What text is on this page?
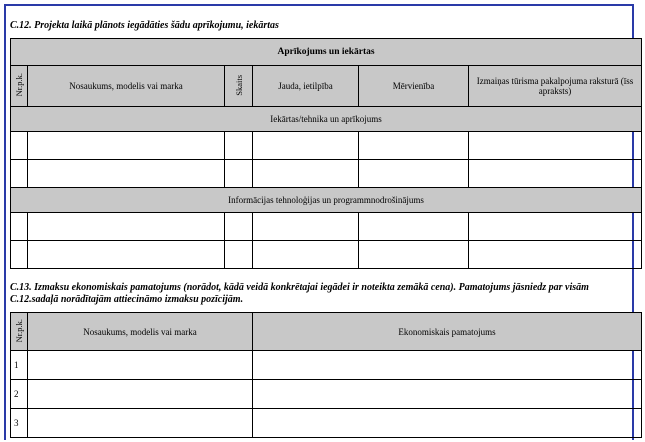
C.12. Projekta laikā plānots iegādāties šādu aprīkojumu, iekārtas
Aprīkojums un iekārtas					
Nr.p.k.	Nosaukums, modelis vai marka	Skaits	Jauda, ietilpība	Mērvienība	Izmaiņas tūrisma pakalpojuma raksturā (īss apraksts)
Iekārtas/tehnika un aprīkojums					

Informācijas tehnoloģijas un programmnodrošinājums					

C.13. Izmaksu ekonomiskais pamatojums (norādot, kādā veidā konkrētajai iegādei ir noteikta zemākā cena). Pamatojums jāsniedz par visām C.12.sadaļā norādītajām attiecināmo izmaksu pozīcijām.
Nr.p.k.	Nosaukums, modelis vai marka	Ekonomiskais pamatojums
1		
2		
3		
